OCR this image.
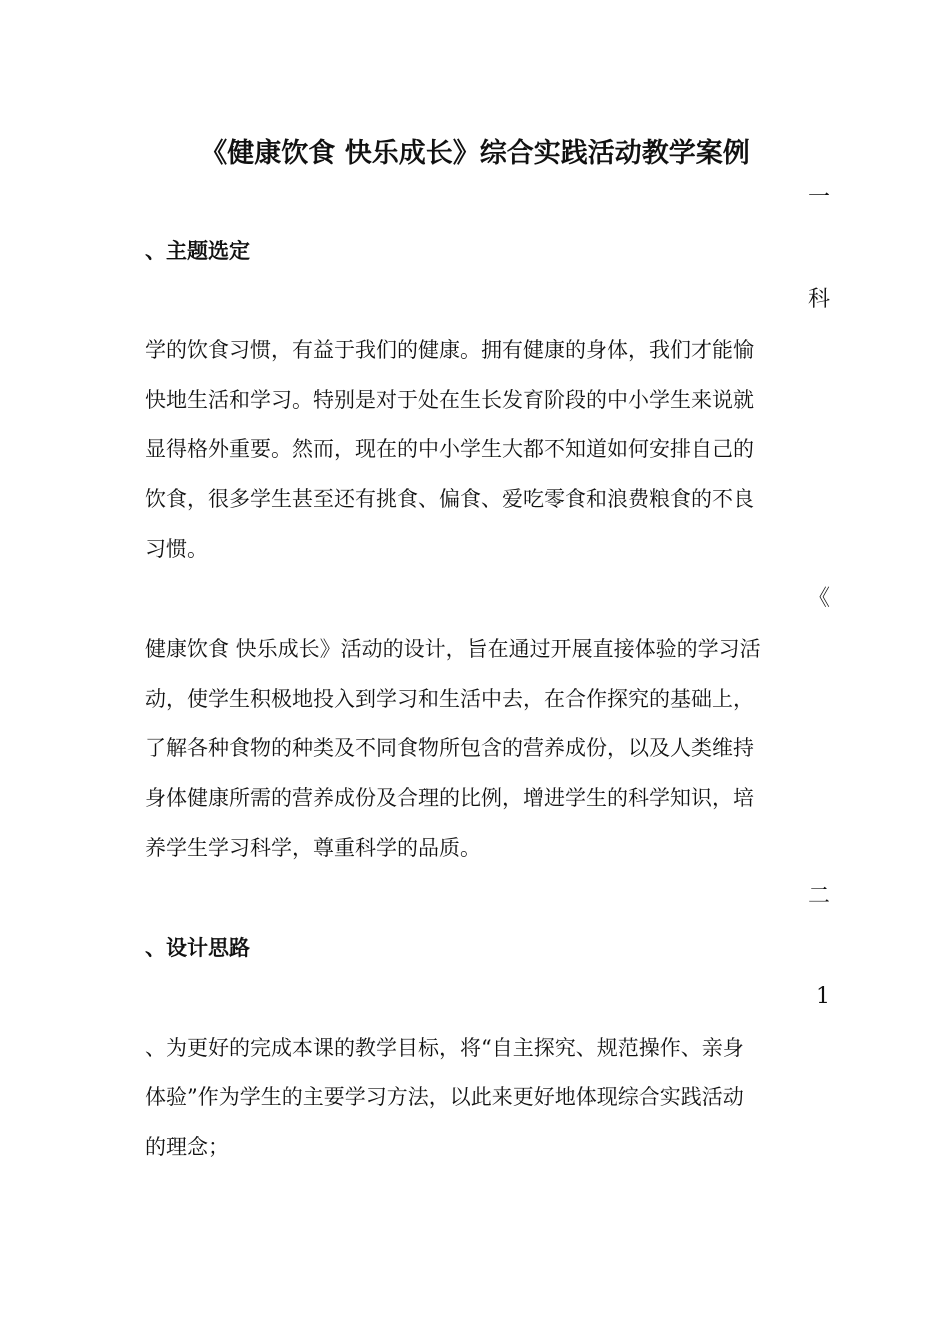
《健康饮食 快乐成长》综合实践活动教学案例
一
、主题选定
科
学的饮食习惯，有益于我们的健康。拥有健康的身体，我们才能愉
快地生活和学习。特别是对于处在生长发育阶段的中小学生来说就
显得格外重要。然而，现在的中小学生大都不知道如何安排自己的
饮食，很多学生甚至还有挑食、偏食、爱吃零食和浪费粮食的不良
习惯。
《
健康饮食 快乐成长》活动的设计，旨在通过开展直接体验的学习活
动，使学生积极地投入到学习和生活中去，在合作探究的基础上，
了解各种食物的种类及不同食物所包含的营养成份，以及人类维持
身体健康所需的营养成份及合理的比例，增进学生的科学知识，培
养学生学习科学，尊重科学的品质。
二
、设计思路
1
、为更好的完成本课的教学目标，将“自主探究、规范操作、亲身
体验”作为学生的主要学习方法，以此来更好地体现综合实践活动
的理念；
